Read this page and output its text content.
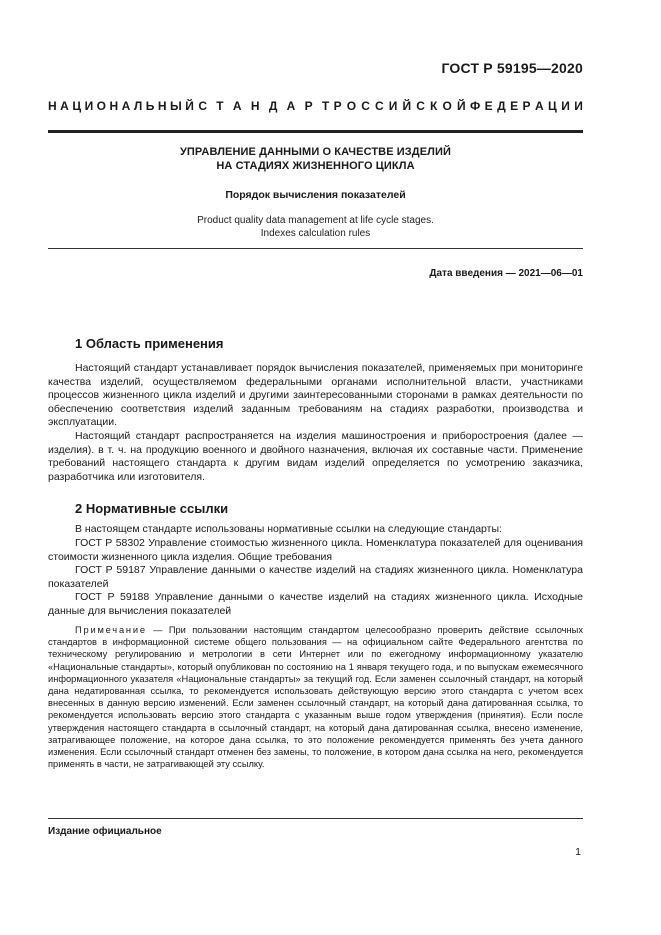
ГОСТ Р 59195—2020
Н А Ц И О Н А Л Ь Н Ы Й С Т А Н Д А Р Т Р О С С И Й С К О Й Ф Е Д Е Р А Ц И И
УПРАВЛЕНИЕ ДАННЫМИ О КАЧЕСТВЕ ИЗДЕЛИЙ
НА СТАДИЯХ ЖИЗНЕННОГО ЦИКЛА
Порядок вычисления показателей
Product quality data management at life cycle stages.
Indexes calculation rules
Дата введения — 2021—06—01
1 Область применения
Настоящий стандарт устанавливает порядок вычисления показателей, применяемых при мониторинге качества изделий, осуществляемом федеральными органами исполнительной власти, участниками процессов жизненного цикла изделий и другими заинтересованными сторонами в рамках деятельности по обеспечению соответствия изделий заданным требованиям на стадиях разработки, производства и эксплуатации.
Настоящий стандарт распространяется на изделия машиностроения и приборостроения (далее — изделия). в т. ч. на продукцию военного и двойного назначения, включая их составные части. Применение требований настоящего стандарта к другим видам изделий определяется по усмотрению заказчика, разработчика или изготовителя.
2 Нормативные ссылки
В настоящем стандарте использованы нормативные ссылки на следующие стандарты:
ГОСТ Р 58302 Управление стоимостью жизненного цикла. Номенклатура показателей для оценивания стоимости жизненного цикла изделия. Общие требования
ГОСТ Р 59187 Управление данными о качестве изделий на стадиях жизненного цикла. Номенклатура показателей
ГОСТ Р 59188 Управление данными о качестве изделий на стадиях жизненного цикла. Исходные данные для вычисления показателей
Примечание — При пользовании настоящим стандартом целесообразно проверить действие ссылочных стандартов в информационной системе общего пользования — на официальном сайте Федерального агентства по техническому регулированию и метрологии в сети Интернет или по ежегодному информационному указателю «Национальные стандарты», который опубликован по состоянию на 1 января текущего года, и по выпускам ежемесячного информационного указателя «Национальные стандарты» за текущий год. Если заменен ссылочный стандарт, на который дана недатированная ссылка, то рекомендуется использовать действующую версию этого стандарта с учетом всех внесенных в данную версию изменений. Если заменен ссылочный стандарт, на который дана датированная ссылка, то рекомендуется использовать версию этого стандарта с указанным выше годом утверждения (принятия). Если после утверждения настоящего стандарта в ссылочный стандарт, на который дана датированная ссылка, внесено изменение, затрагивающее положение, на которое дана ссылка, то это положение рекомендуется применять без учета данного изменения. Если ссылочный стандарт отменен без замены, то положение, в котором дана ссылка на него, рекомендуется применять в части, не затрагивающей эту ссылку.
Издание официальное
1
